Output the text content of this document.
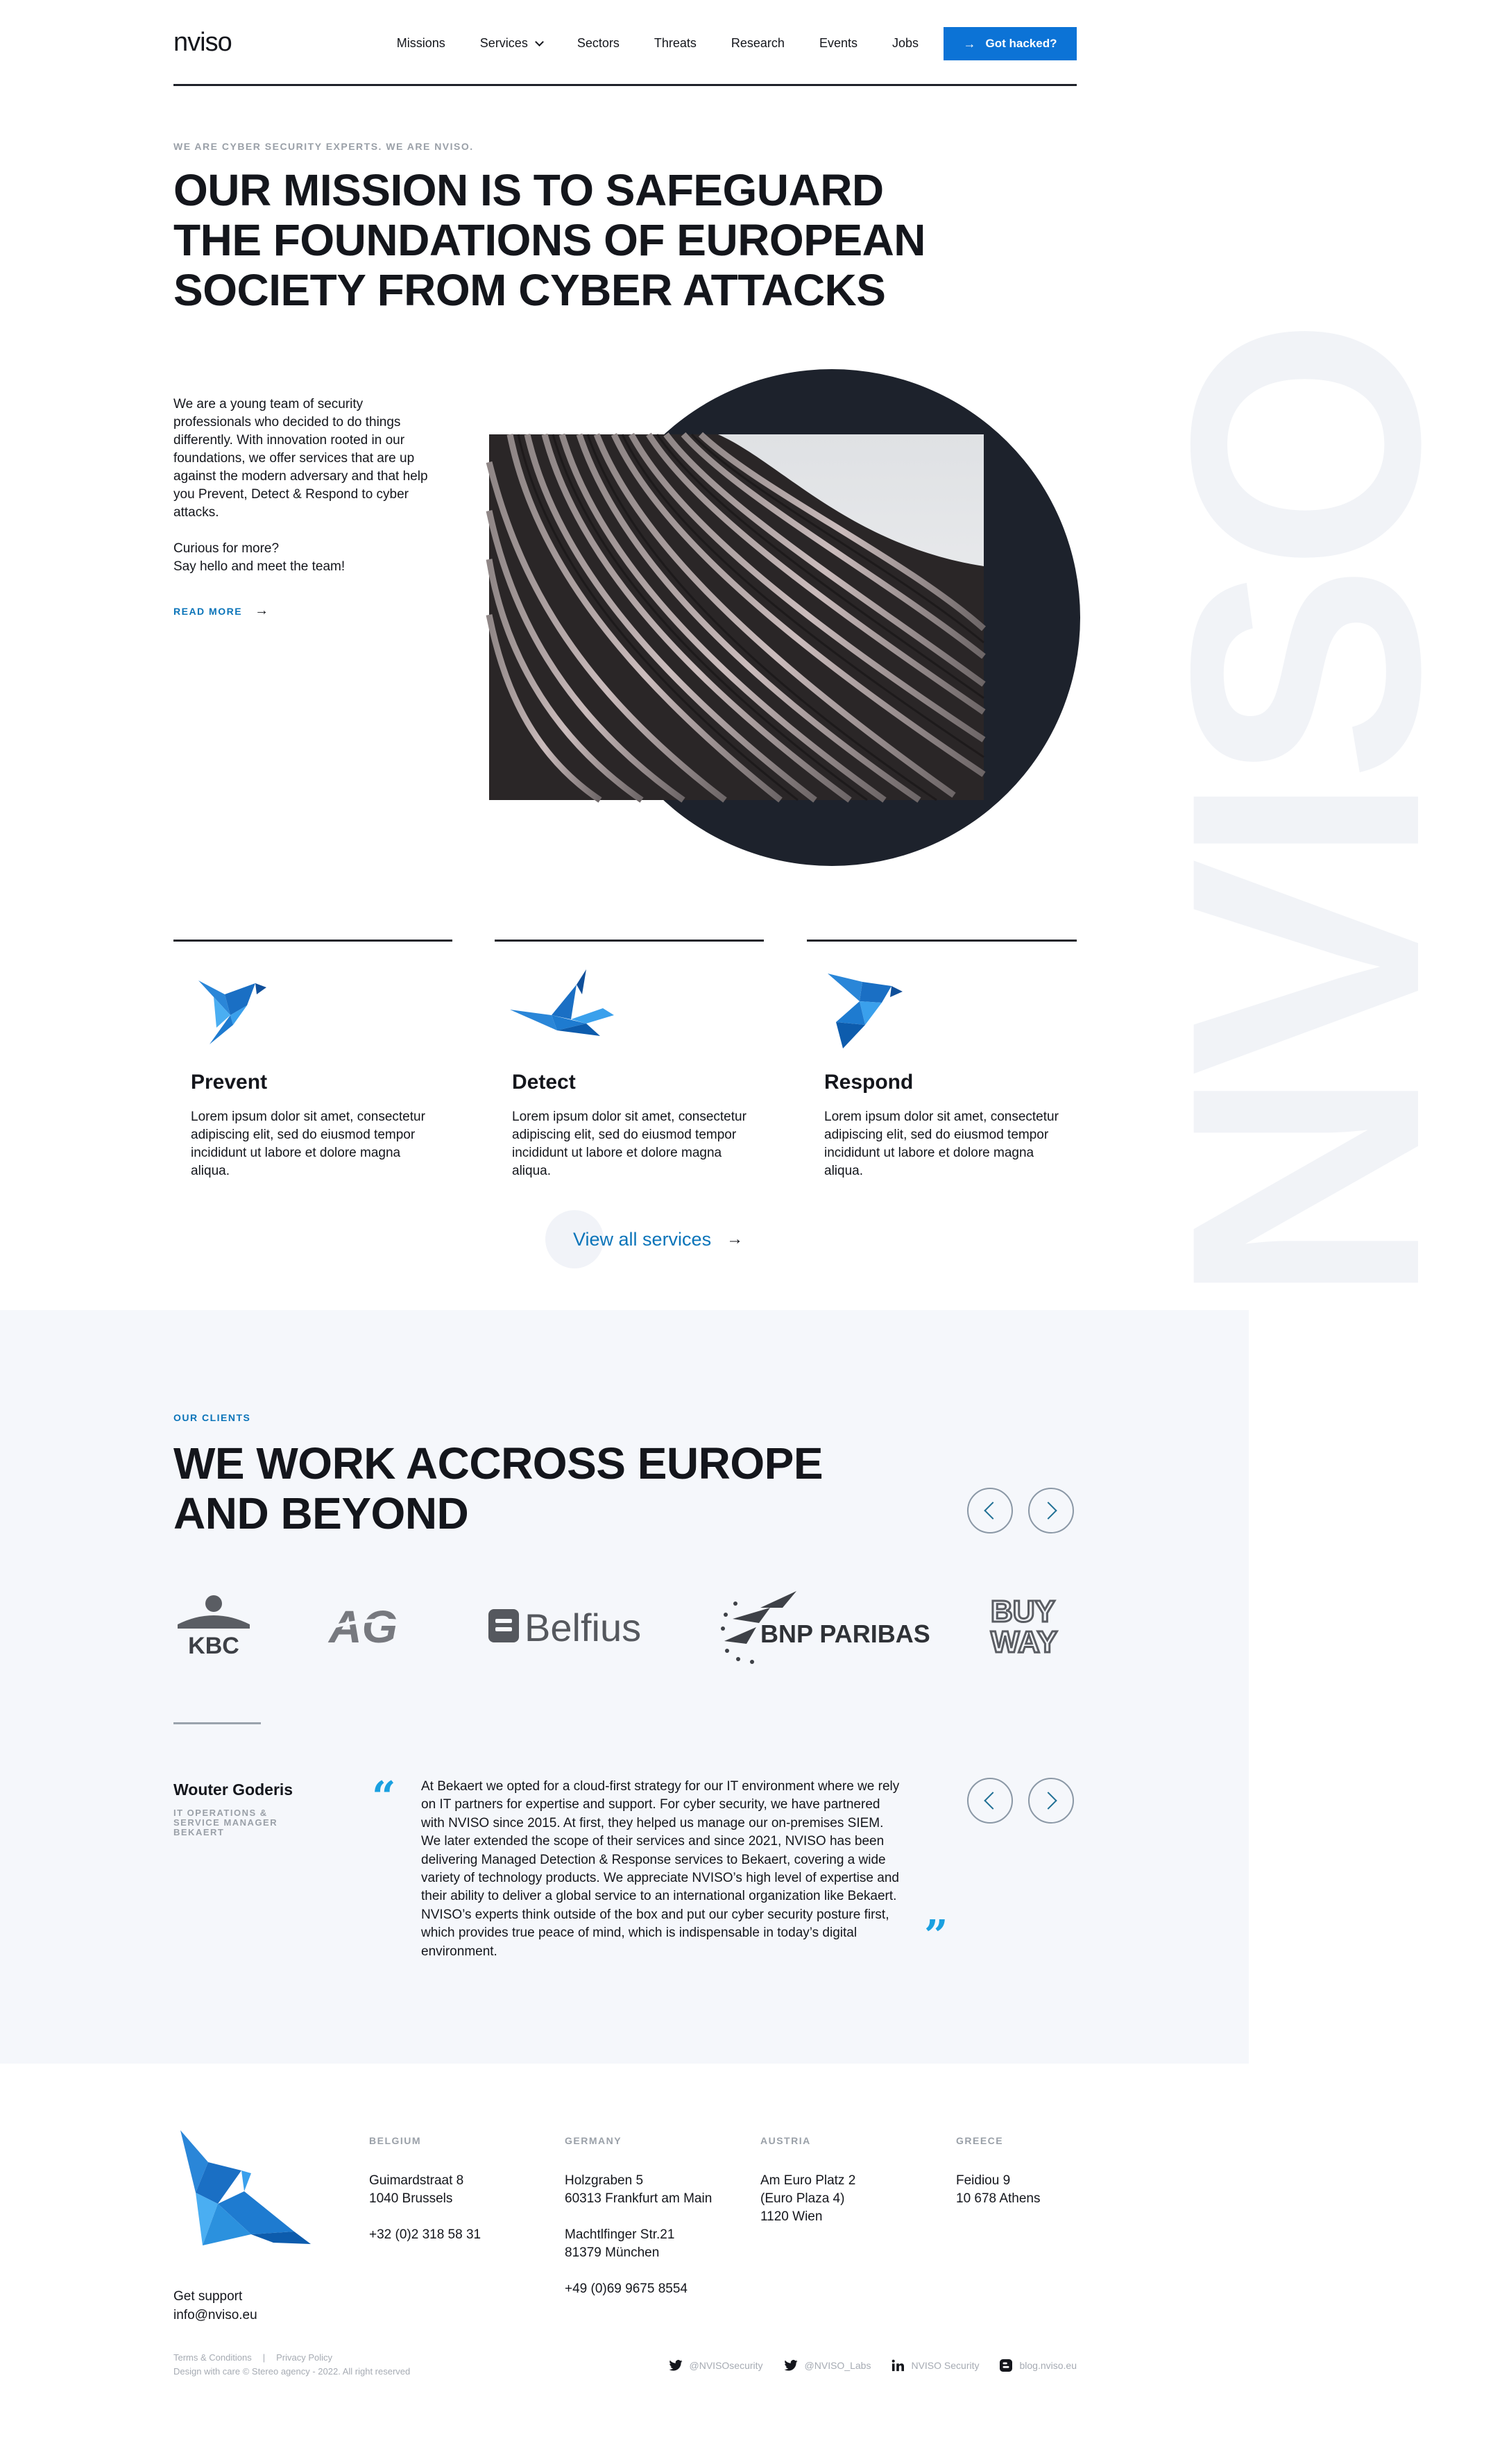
nviso	Missions	Services	Sectors	Threats	Research	Events	Jobs	→ Got hacked?
NVISO
WE ARE CYBER SECURITY EXPERTS. WE ARE NVISO.
OUR MISSION IS TO SAFEGUARD THE FOUNDATIONS OF EUROPEAN SOCIETY FROM CYBER ATTACKS

We are a young team of security professionals who decided to do things differently. With innovation rooted in our foundations, we offer services that are up against the modern adversary and that help you Prevent, Detect & Respond to cyber attacks.

Curious for more?
Say hello and meet the team!
READ MORE →
Prevent

Lorem ipsum dolor sit amet, consectetur adipiscing elit, sed do eiusmod tempor incididunt ut labore et dolore magna aliqua.

Detect

Lorem ipsum dolor sit amet, consectetur adipiscing elit, sed do eiusmod tempor incididunt ut labore et dolore magna aliqua.

Respond

Lorem ipsum dolor sit amet, consectetur adipiscing elit, sed do eiusmod tempor incididunt ut labore et dolore magna aliqua.

View all services →
OUR CLIENTS
WE WORK ACCROSS EUROPE AND BEYOND
KBC AG	Belfius	BNP PARIBAS
BUY WAY
Wouter Goderis
IT OPERATIONS & SERVICE MANAGER BEKAERT
“ At Bekaert we opted for a cloud-first strategy for our IT environment where we rely on IT partners for expertise and support. For cyber security, we have partnered with NVISO since 2015. At first, they helped us manage our on-premises SIEM. We later extended the scope of their services and since 2021, NVISO has been delivering Managed Detection & Response services to Bekaert, covering a wide variety of technology products. We appreciate NVISO’s high level of expertise and their ability to deliver a global service to an international organization like Bekaert. NVISO’s experts think outside of the box and put our cyber security posture first, which provides true peace of mind, which is indispensable in today’s digital environment.	”
Get support
info@nviso.eu
BELGIUM

Guimardstraat 8
1040 Brussels

+32 (0)2 318 58 31

GERMANY

Holzgraben 5
60313 Frankfurt am Main

Machtlfinger Str.21
81379 München

+49 (0)69 9675 8554

AUSTRIA

Am Euro Platz 2
(Euro Plaza 4)
1120 Wien

GREECE

Feidiou 9
10 678 Athens

Terms & Conditions | Privacy Policy
Design with care © Stereo agency - 2022. All right reserved
@NVISOsecurity	@NVISO_Labs	NVISO Security	blog.nviso.eu
